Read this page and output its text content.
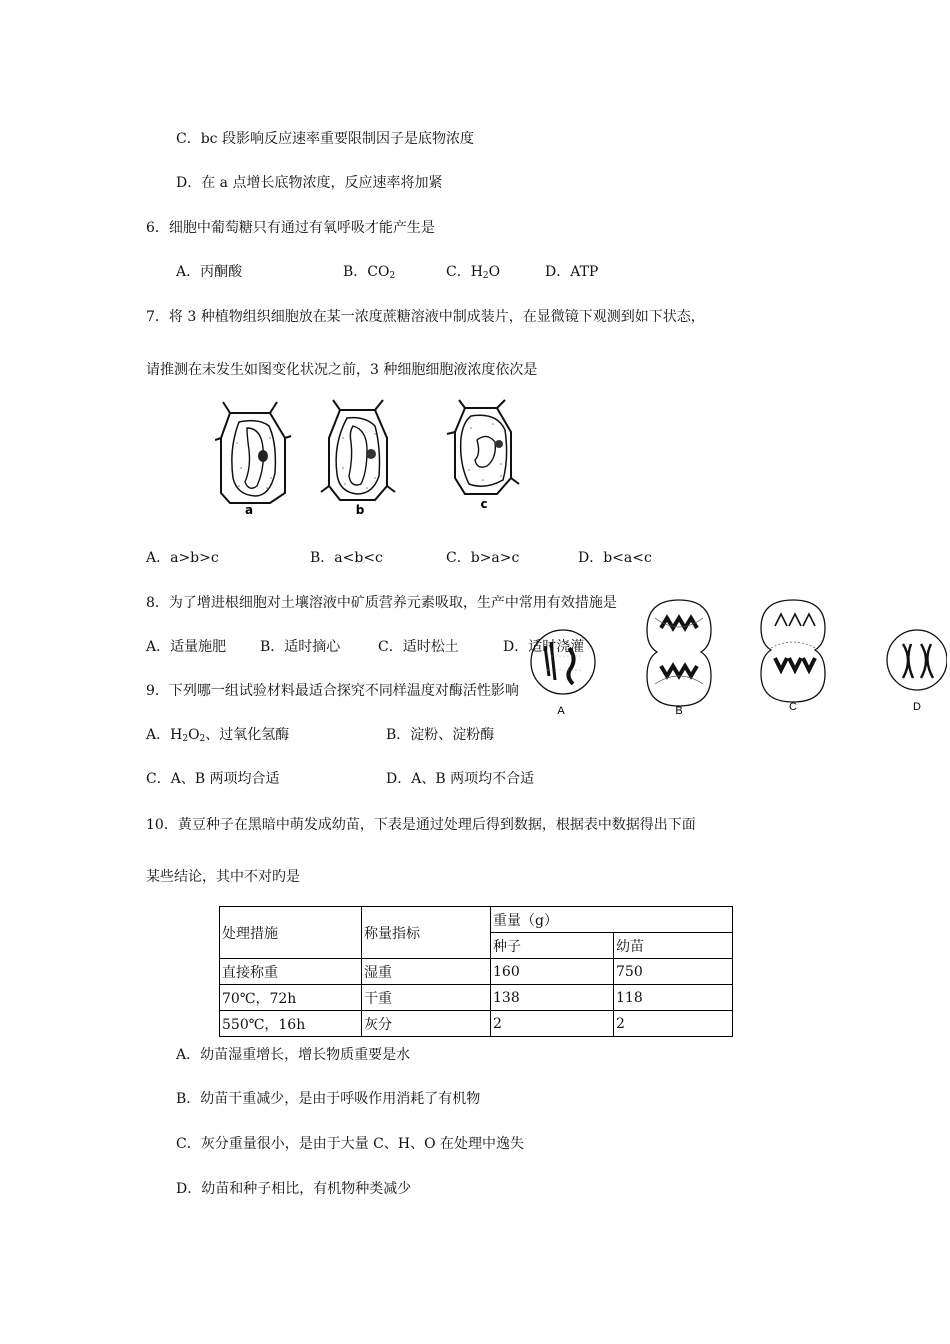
C．bc 段影响反应速率重要限制因子是底物浓度
D．在 a 点增长底物浓度，反应速率将加紧
6．细胞中葡萄糖只有通过有氧呼吸才能产生是
A．丙酮酸	B．$CO_2$	C．$H_2O$	D．ATP
7．将 3 种植物组织细胞放在某一浓度蔗糖溶液中制成装片，在显微镜下观测到如下状态，
请推测在未发生如图变化状况之前，3 种细胞细胞液浓度依次是
a	b	c
A．a>b>c	B．a<b<c	C．b>a>c	D．b<a<c
8．为了增进根细胞对土壤溶液中矿质营养元素吸取，生产中常用有效措施是
A．适量施肥 B．适时摘心	C．适时松土	D．适时浇灌
A	B	C	D
9．下列哪一组试验材料最适合探究不同样温度对酶活性影响
A．$H_2O_2$、过氧化氢酶	B．淀粉、淀粉酶
C．A、B 两项均合适	D．A、B 两项均不合适
10．黄豆种子在黑暗中萌发成幼苗，下表是通过处理后得到数据，根据表中数据得出下面
某些结论，其中不对旳是
处理措施	称量指标	重量（g）	
		种子	幼苗
直接称重	湿重	160	750
70℃，72h	干重	138	118
550℃，16h	灰分	2	2
A．幼苗湿重增长，增长物质重要是水
B．幼苗干重减少，是由于呼吸作用消耗了有机物
C．灰分重量很小，是由于大量 C、H、O 在处理中逸失
D．幼苗和种子相比，有机物种类减少
